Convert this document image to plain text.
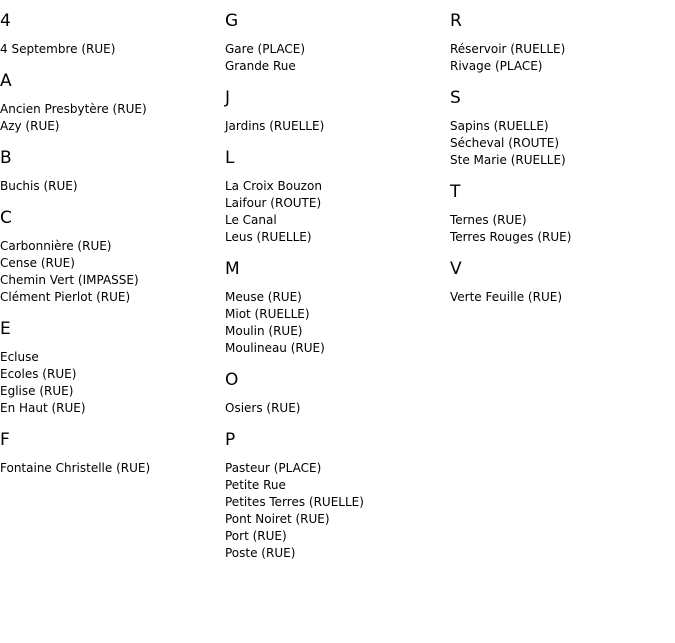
4
4 Septembre (RUE)
A
Ancien Presbytère (RUE)
Azy (RUE)
B
Buchis (RUE)
C
Carbonnière (RUE)
Cense (RUE)
Chemin Vert (IMPASSE)
Clément Pierlot (RUE)
E
Ecluse
Ecoles (RUE)
Eglise (RUE)
En Haut (RUE)
F
Fontaine Christelle (RUE)
G
Gare (PLACE)
Grande Rue
J
Jardins (RUELLE)
L
La Croix Bouzon
Laifour (ROUTE)
Le Canal
Leus (RUELLE)
M
Meuse (RUE)
Miot (RUELLE)
Moulin (RUE)
Moulineau (RUE)
O
Osiers (RUE)
P
Pasteur (PLACE)
Petite Rue
Petites Terres (RUELLE)
Pont Noiret (RUE)
Port (RUE)
Poste (RUE)
R
Réservoir (RUELLE)
Rivage (PLACE)
S
Sapins (RUELLE)
Sécheval (ROUTE)
Ste Marie (RUELLE)
T
Ternes (RUE)
Terres Rouges (RUE)
V
Verte Feuille (RUE)
